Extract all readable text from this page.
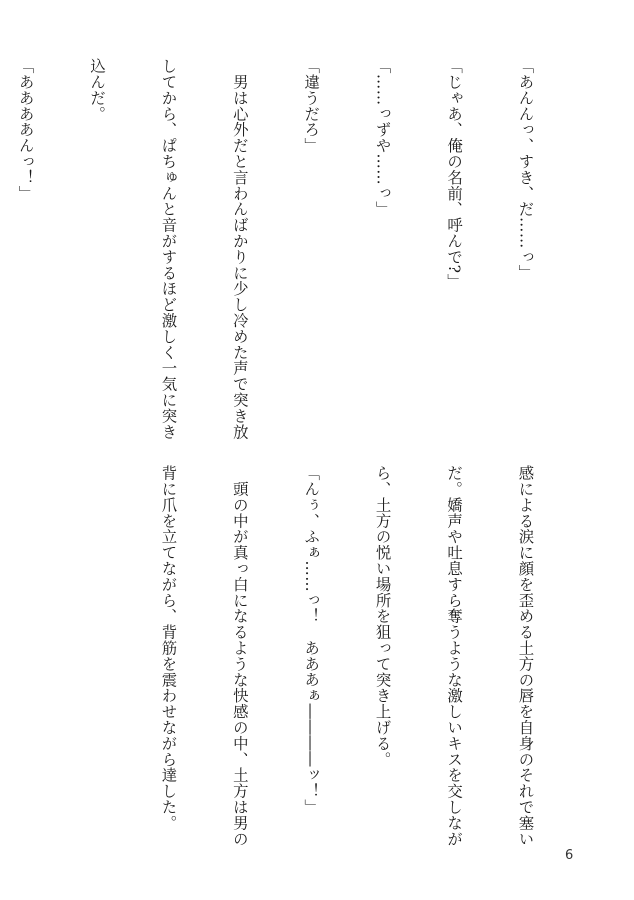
「あんんっ、すき、だ……っ」

「じゃあ、俺の名前、呼んで?」

「……っずや……っ」

「違うだろ」

　男は心外だと言わんばかりに少し冷めた声で突き放

してから、ぱちゅんと音がするほど激しく一気に突き

込んだ。

「ああああんっ！」

感による涙に顔を歪める土方の唇を自身のそれで塞い

だ。嬌声や吐息すら奪うような激しいキスを交しなが

ら、土方の悦い場所を狙って突き上げる。

「んぅ、ふぁ……っ！　あああぁ――――ッ！」

　頭の中が真っ白になるような快感の中、土方は男の

背に爪を立てながら、背筋を震わせながら達した。

6
